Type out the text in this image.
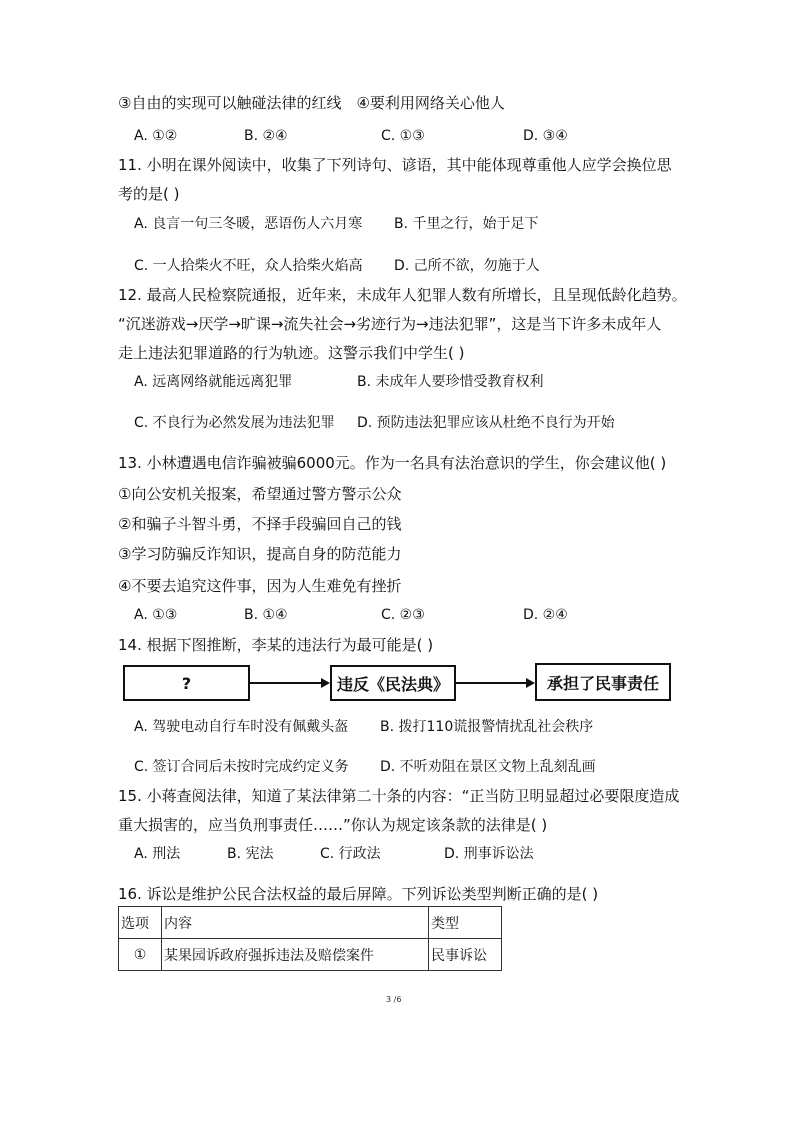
③自由的实现可以触碰法律的红线　④要利用网络关心他人
A. ①②	B. ②④	C. ①③	D. ③④
11. 小明在课外阅读中，收集了下列诗句、谚语，其中能体现尊重他人应学会换位思
考的是( )
A. 良言一句三冬暖，恶语伤人六月寒 B. 千里之行，始于足下
C. 一人拾柴火不旺，众人拾柴火焰高 D. 己所不欲，勿施于人
12. 最高人民检察院通报，近年来，未成年人犯罪人数有所增长，且呈现低龄化趋势。
“沉迷游戏→厌学→旷课→流失社会→劣迹行为→违法犯罪”，这是当下许多未成年人
走上违法犯罪道路的行为轨迹。这警示我们中学生( )
A. 远离网络就能远离犯罪	B. 未成年人要珍惜受教育权利
C. 不良行为必然发展为违法犯罪 D. 预防违法犯罪应该从杜绝不良行为开始
13. 小林遭遇电信诈骗被骗6000元。作为一名具有法治意识的学生，你会建议他( )
①向公安机关报案，希望通过警方警示公众
②和骗子斗智斗勇，不择手段骗回自己的钱
③学习防骗反诈知识，提高自身的防范能力
④不要去追究这件事，因为人生难免有挫折
A. ①③	B. ①④	C. ②③	D. ②④
14. 根据下图推断，李某的违法行为最可能是( )
?	违反《民法典》	承担了民事责任
A. 驾驶电动自行车时没有佩戴头盔 B. 拨打110谎报警情扰乱社会秩序
C. 签订合同后未按时完成约定义务 D. 不听劝阻在景区文物上乱刻乱画
15. 小蒋查阅法律，知道了某法律第二十条的内容：“正当防卫明显超过必要限度造成
重大损害的，应当负刑事责任……”你认为规定该条款的法律是( )
A. 刑法	B. 宪法	C. 行政法	D. 刑事诉讼法
16. 诉讼是维护公民合法权益的最后屏障。下列诉讼类型判断正确的是( )
选项	内容	类型
①	某果园诉政府强拆违法及赔偿案件	民事诉讼
3 /6
